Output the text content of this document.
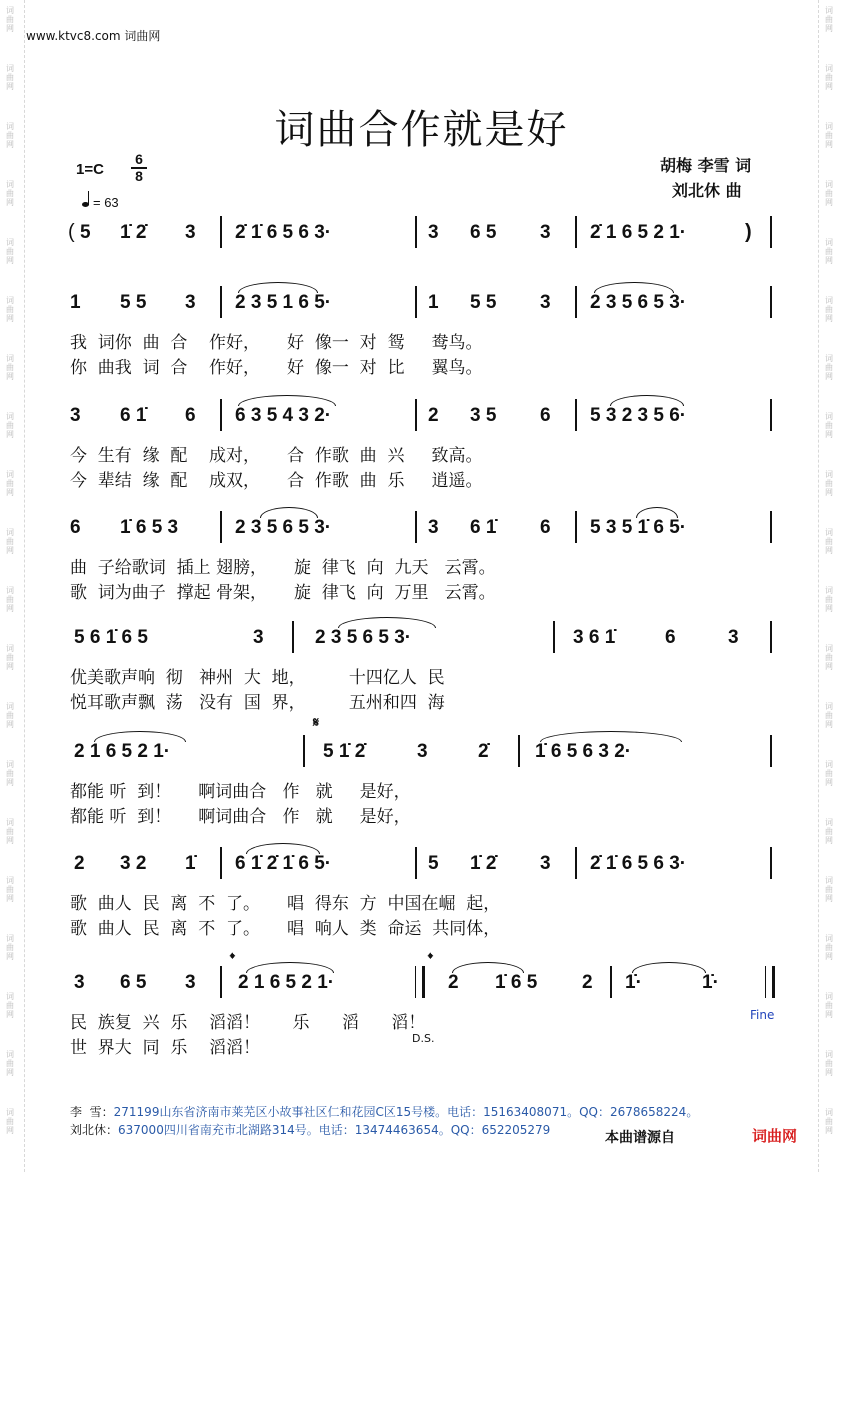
词
曲
网
词
曲
网
词
曲
网
词
曲
网
词
曲
网
词
曲
网
词
曲
网
词
曲
网
词
曲
网
词
曲
网
词
曲
网
词
曲
网
词
曲
网
词
曲
网
词
曲
网
词
曲
网
词
曲
网
词
曲
网
词
曲
网
词
曲
网
词
曲
网
词
曲
网
词
曲
网
词
曲
网
词
曲
网
词
曲
网
词
曲
网
词
曲
网
词
曲
网
词
曲
网
词
曲
网
词
曲
网
词
曲
网
词
曲
网
词
曲
网
词
曲
网
词
曲
网
词
曲
网
词
曲
网
词
曲
网
www.ktvc8.com 词曲网
词曲合作就是好
胡梅 李雪 词
刘北休 曲
1=C
6
8
= 63
(

5

1̇ 2̇

3

2̇ 1̇ 6 5 6 3·

	3

6 5

3

2̇ 1 6 5 2 1·

	)

1

5 5

3

2 3 5 1 6 5·

	1

5 5

3

2 3 5 6 5 3·

我  词你  曲  合    作好，     好  像一  对  鸳     鸯鸟。
你  曲我  词  合    作好，     好  像一  对  比     翼鸟。

3

6 1̇

6

6 3 5 4 3 2·

	2

3 5

6

5 3 2 3 5 6·

今  生有  缘  配    成对，     合  作歌  曲  兴     致高。
今  辈结  缘  配    成双，     合  作歌  曲  乐     逍遥。

6

1̇ 6 5 3

	2 3 5 6 5 3·

	3

6 1̇

6

5 3 5 1̇ 6 5·

曲  子给歌词  插上 翅膀，     旋  律飞  向  九天   云霄。
歌  词为曲子  撑起 骨架，     旋  律飞  向  万里   云霄。

5 6 1̇ 6 5

	3

	2 3 5 6 5 3·

	3 6 1̇

	6

	3

优美歌声响  彻   神州  大  地，        十四亿人  民
悦耳歌声飘  荡   没有  国  界，        五州和四  海

2 1 6 5 2 1·

𝄋

5 1̇ 2̇

	3

	2̇

1̇ 6 5 6 3 2·

都能 听  到！     啊词曲合   作   就     是好，
都能 听  到！     啊词曲合   作   就     是好，

2

3 2

1̇

6 1̇ 2̇ 1̇ 6 5·

	5

1̇ 2̇

3

2̇ 1̇ 6 5 6 3·

歌  曲人  民  离  不  了。     唱  得东  方  中国在崛  起，
歌  曲人  民  离  不  了。     唱  响人  类  命运  共同体，

3

6 5

3

𝄌

2 1 6 5 2 1·

𝄌

2

1̇ 6 5

2

1̇·

	1̇·

民  族复  兴  乐    滔滔！      乐      滔      滔！
世  界大  同  乐    滔滔！
Fine
D.S.
李  雪：271199山东省济南市莱芜区小故事社区仁和花园C区15号楼。电话：15163408071。QQ：2678658224。
刘北休：637000四川省南充市北湖路314号。电话：13474463654。QQ：652205279	本曲谱源自	词曲网
